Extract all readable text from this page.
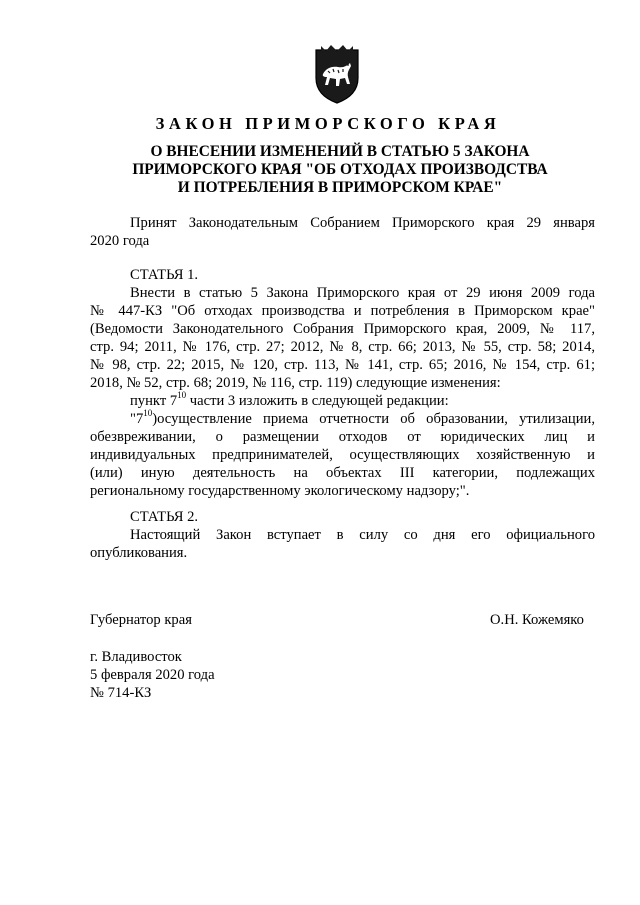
ЗАКОН ПРИМОРСКОГО КРАЯ
О ВНЕСЕНИИ ИЗМЕНЕНИЙ В СТАТЬЮ 5 ЗАКОНА
ПРИМОРСКОГО КРАЯ "ОБ ОТХОДАХ ПРОИЗВОДСТВА
И ПОТРЕБЛЕНИЯ В ПРИМОРСКОМ КРАЕ"
Принят Законодательным Собранием Приморского края 29 января
2020 года
СТАТЬЯ 1.
Внести в статью 5 Закона Приморского края от 29 июня 2009 года
№ 447-КЗ "Об отходах производства и потребления в Приморском крае"
(Ведомости Законодательного Собрания Приморского края, 2009, № 117,
стр. 94; 2011, № 176, стр. 27; 2012, № 8, стр. 66; 2013, № 55, стр. 58; 2014,
№ 98, стр. 22; 2015, № 120, стр. 113, № 141, стр. 65; 2016, № 154, стр. 61;
2018, № 52, стр. 68; 2019, № 116, стр. 119) следующие изменения:
пункт $7^{10}$ части 3 изложить в следующей редакции:
"$7^{10})осуществление$ приема отчетности об образовании, утилизации,
обезвреживании, о размещении отходов от юридических лиц и
индивидуальных предпринимателей, осуществляющих хозяйственную и
(или) иную деятельность на объектах III категории, подлежащих
региональному государственному экологическому надзору;".
СТАТЬЯ 2.
Настоящий Закон вступает в силу со дня его официального
опубликования.
Губернатор края	О.Н. Кожемяко
г. Владивосток
5 февраля 2020 года
№ 714-КЗ
